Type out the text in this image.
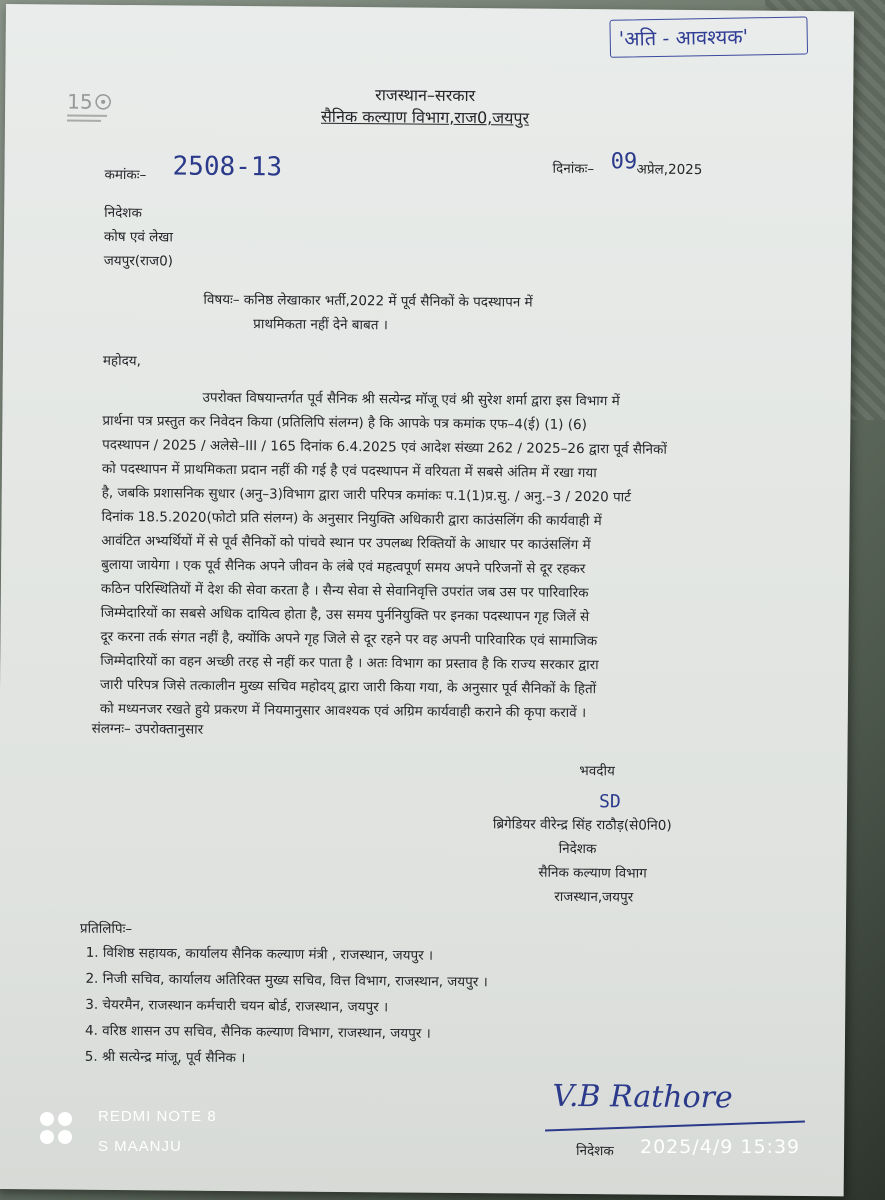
15
'अति - आवश्यक'
राजस्थान–सरकार
सैनिक कल्याण विभाग,राज0,जयपुर
कमांकः– 2508-13	दिनांकः– 09 अप्रेल,2025
निदेशक
कोष एवं लेखा
जयपुर(राज0)
विषयः– कनिष्ठ लेखाकार भर्ती,2022 में पूर्व सैनिकों के पदस्थापन में
प्राथमिकता नहीं देने बाबत ।
महोदय,
उपरोक्त विषयान्तर्गत पूर्व सैनिक श्री सत्येन्द्र मॉजू एवं श्री सुरेश शर्मा द्वारा इस विभाग में
प्रार्थना पत्र प्रस्तुत कर निवेदन किया (प्रतिलिपि संलग्न) है कि आपके पत्र कमांक एफ–4(ई) (1) (6)
पदस्थापन / 2025 / अलेसे–III / 165 दिनांक 6.4.2025 एवं आदेश संख्या 262 / 2025–26 द्वारा पूर्व सैनिकों
को पदस्थापन में प्राथमिकता प्रदान नहीं की गई है एवं पदस्थापन में वरियता में सबसे अंतिम में रखा गया
है, जबकि प्रशासनिक सुधार (अनु–3)विभाग द्वारा जारी परिपत्र कमांकः प.1(1)प्र.सु. / अनु.–3 / 2020 पार्ट
दिनांक 18.5.2020(फोटो प्रति संलग्न) के अनुसार नियुक्ति अधिकारी द्वारा काउंसलिंग की कार्यवाही में
आवंटित अभ्यर्थियों में से पूर्व सैनिकों को पांचवे स्थान पर उपलब्ध रिक्तियों के आधार पर काउंसलिंग में
बुलाया जायेगा । एक पूर्व सैनिक अपने जीवन के लंबे एवं महत्वपूर्ण समय अपने परिजनों से दूर रहकर
कठिन परिस्थितियों में देश की सेवा करता है । सैन्य सेवा से सेवानिवृत्ति उपरांत जब उस पर पारिवारिक
जिम्मेदारियों का सबसे अधिक दायित्व होता है, उस समय पुर्ननियुक्ति पर इनका पदस्थापन गृह जिलें से
दूर करना तर्क संगत नहीं है, क्योंकि अपने गृह जिले से दूर रहने पर वह अपनी पारिवारिक एवं सामाजिक
जिम्मेदारियों का वहन अच्छी तरह से नहीं कर पाता है । अतः विभाग का प्रस्ताव है कि राज्य सरकार द्वारा
जारी परिपत्र जिसे तत्कालीन मुख्य सचिव महोदय् द्वारा जारी किया गया, के अनुसार पूर्व सैनिकों के हितों
को मध्यनजर रखते हुये प्रकरण में नियमानुसार आवश्यक एवं अग्रिम कार्यवाही कराने की कृपा करावें ।
संलग्नः– उपरोक्तानुसार
भवदीय
SD
ब्रिगेडियर वीरेन्द्र सिंह राठौड़(से0नि0)
निदेशक
सैनिक कल्याण विभाग
राजस्थान,जयपुर
प्रतिलिपिः–
1. विशिष्ठ सहायक, कार्यालय सैनिक कल्याण मंत्री , राजस्थान, जयपुर ।
2. निजी सचिव, कार्यालय अतिरिक्त मुख्य सचिव, वित्त विभाग, राजस्थान, जयपुर ।
3. चेयरमैन, राजस्थान कर्मचारी चयन बोर्ड, राजस्थान, जयपुर ।
4. वरिष्ठ शासन उप सचिव, सैनिक कल्याण विभाग, राजस्थान, जयपुर ।
5. श्री सत्येन्द्र मांजू, पूर्व सैनिक ।
V.B Rathore
निदेशक
REDMI NOTE 8
S MAANJU	2025/4/9 15:39
